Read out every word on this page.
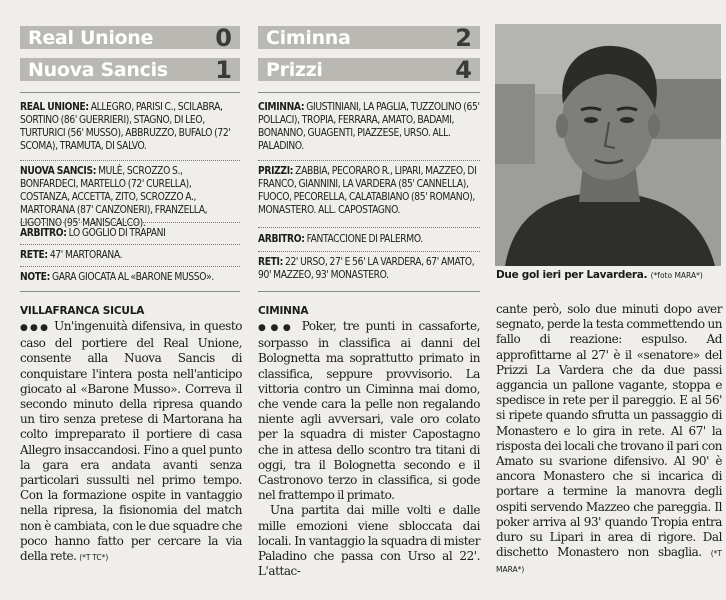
Real Unione	0
Nuova Sancis 1
Ciminna	2
Prizzi	4
REAL UNIONE: ALLEGRO, PARISI C., SCILABRA, SORTINO (86' GUERRIERI), STAGNO, DI LEO, TURTURICI (56' MUSSO), ABBRUZZO, BUFALO (72' SCOMA), TRAMUTA, DI SALVO.
NUOVA SANCIS: MULÈ, SCROZZO S., BONFARDECI, MARTELLO (72' CURELLA), COSTANZA, ACCETTA, ZITO, SCROZZO A., MARTORANA (87' CANZONERI), FRANZELLA, LIGOTINO (95' MANISCALCO).
ARBITRO: LO GOGLIO DI TRAPANI
RETE: 47' MARTORANA.
NOTE: GARA GIOCATA AL «BARONE MUSSO».
CIMINNA: GIUSTINIANI, LA PAGLIA, TUZZOLINO (65' POLLACI), TROPIA, FERRARA, AMATO, BADAMI, BONANNO, GUAGENTI, PIAZZESE, URSO. ALL. PALADINO.
PRIZZI: ZABBIA, PECORARO R., LIPARI, MAZZEO, DI FRANCO, GIANNINI, LA VARDERA (85' CANNELLA), FUOCO, PECORELLA, CALATABIANO (85' ROMANO), MONASTERO. ALL. CAPOSTAGNO.
ARBITRO: FANTACCIONE DI PALERMO.
RETI: 22' URSO, 27' E 56' LA VARDERA, 67' AMATO, 90' MAZZEO, 93' MONASTERO.	Due gol ieri per Lavardera. (*foto MARA*)
VILLAFRANCA SICULA

●●● Un'ingenuità difensiva, in questo caso del portiere del Real Unione, consente alla Nuova Sancis di conquistare l'intera posta nell'anticipo giocato al «Barone Musso». Correva il secondo minuto della ripresa quando un tiro senza pretese di Martorana ha colto impreparato il portiere di casa Allegro insaccandosi. Fino a quel punto la gara era andata avanti senza particolari sussulti nel primo tempo. Con la formazione ospite in vantaggio nella ripresa, la fisionomia del match non è cambiata, con le due squadre che poco hanno fatto per cercare la via della rete. (*T TC*)

CIMINNA

●●● Poker, tre punti in cassaforte, sorpasso in classifica ai danni del Bolognetta ma soprattutto primato in classifica, seppure provvisorio. La vittoria contro un Ciminna mai domo, che vende cara la pelle non regalando niente agli avversari, vale oro colato per la squadra di mister Capostagno che in attesa dello scontro tra titani di oggi, tra il Bolognetta secondo e il Castronovo terzo in classifica, si gode nel frattempo il primato.

Una partita dai mille volti e dalle mille emozioni viene sbloccata dai locali. In vantaggio la squadra di mister Paladino che passa con Urso al 22'. L'attac-

cante però, solo due minuti dopo aver segnato, perde la testa commettendo un fallo di reazione: espulso. Ad approfittarne al 27' è il «senatore» del Prizzi La Vardera che da due passi aggancia un pallone vagante, stoppa e spedisce in rete per il pareggio. E al 56' si ripete quando sfrutta un passaggio di Monastero e lo gira in rete. Al 67' la risposta dei locali che trovano il pari con Amato su svarione difensivo. Al 90' è ancora Monastero che si incarica di portare a termine la manovra degli ospiti servendo Mazzeo che pareggia. Il poker arriva al 93' quando Tropia entra duro su Lipari in area di rigore. Dal dischetto Monastero non sbaglia. (*T MARA*)
